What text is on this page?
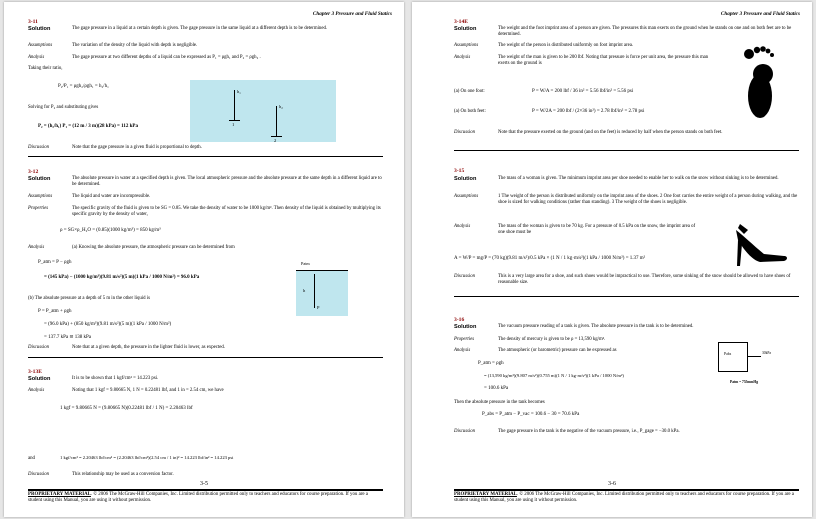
Chapter 3 Pressure and Fluid Statics
3-11
Solution	The gage pressure in a liquid at a certain depth is given. The gage pressure in the same liquid at a different depth is to be determined.
Assumptions	The variation of the density of the liquid with depth is negligible.
Analysis	The gage pressure at two different depths of a liquid can be expressed as P₁ = ρgh₁ and P₂ = ρgh₂ .
Taking their ratio,
P₂/P₁ = ρgh₂/ρgh₁ = h₂/h₁
Solving for P₂ and substituting gives
P₂ = (h₂/h₁) P₁ = (12 m / 3 m)(28 kPa) = 112 kPa
h₁
h₂
1
2
Discussion	Note that the gage pressure in a given fluid is proportional to depth.
3-12
Solution	The absolute pressure in water at a specified depth is given. The local atmospheric pressure and the absolute pressure at the same depth in a different liquid are to be determined.
Assumptions	The liquid and water are incompressible.
Properties	The specific gravity of the fluid is given to be SG = 0.85. We take the density of water to be 1000 kg/m³. Then density of the liquid is obtained by multiplying its specific gravity by the density of water,
ρ = SG×ρ_H₂O = (0.85)(1000 kg/m³) = 850 kg/m³
Analysis	(a) Knowing the absolute pressure, the atmospheric pressure can be determined from
P_atm = P − ρgh
= (145 kPa) − (1000 kg/m³)(9.81 m/s²)(5 m)(1 kPa / 1000 N/m²) = 96.0 kPa
(b) The absolute pressure at a depth of 5 m in the other liquid is
P = P_atm + ρgh
= (96.0 kPa) + (850 kg/m³)(9.81 m/s²)(5 m)(1 kPa / 1000 N/m²)
= 137.7 kPa ≅ 138 kPa
Patm
h
P
Discussion	Note that at a given depth, the pressure in the lighter fluid is lower, as expected.
3-13E
Solution	It is to be shown that 1 kgf/cm² = 14.223 psi.
Analysis	Noting that 1 kgf = 9.80665 N, 1 N = 0.22481 lbf, and 1 in = 2.54 cm, we have
1 kgf = 9.80665 N = (9.80665 N)(0.22481 lbf / 1 N) = 2.20463 lbf
and	1 kgf/cm² = 2.20463 lbf/cm² = (2.20463 lbf/cm²)(2.54 cm / 1 in)² = 14.223 lbf/in² = 14.223 psi
Discussion	This relationship may be used as a conversion factor.
3-5
PROPRIETARY MATERIAL. © 2006 The McGraw-Hill Companies, Inc. Limited distribution permitted only to teachers and educators for course preparation. If you are a student using this Manual, you are using it without permission.
Chapter 3 Pressure and Fluid Statics
3-14E
Solution	The weight and the foot imprint area of a person are given. The pressures this man exerts on the ground when he stands on one and on both feet are to be determined.
Assumptions	The weight of the person is distributed uniformly on foot imprint area.
Analysis	The weight of the man is given to be 200 lbf. Noting that pressure is force per unit area, the pressure this man exerts on the ground is
(a) On one foot:	P = W/A = 200 lbf / 36 in² = 5.56 lbf/in² = 5.56 psi
(a) On both feet:	P = W/2A = 200 lbf / (2×36 in²) = 2.78 lbf/in² = 2.78 psi
Discussion	Note that the pressure exerted on the ground (and on the feet) is reduced by half when the person stands on both feet.
3-15
Solution	The mass of a woman is given. The minimum imprint area per shoe needed to enable her to walk on the snow without sinking is to be determined.
Assumptions	1 The weight of the person is distributed uniformly on the imprint area of the shoes. 2 One foot carries the entire weight of a person during walking, and the shoe is sized for walking conditions (rather than standing). 3 The weight of the shoes is negligible.
Analysis	The mass of the woman is given to be 70 kg. For a pressure of 0.5 kPa on the snow, the imprint area of one shoe must be
A = W/P = mg/P = (70 kg)(9.81 m/s²)/0.5 kPa × (1 N / 1 kg·m/s²)(1 kPa / 1000 N/m²) = 1.37 m²
Discussion	This is a very large area for a shoe, and such shoes would be impractical to use. Therefore, some sinking of the snow should be allowed to have shoes of reasonable size.
3-16
Solution	The vacuum pressure reading of a tank is given. The absolute pressure in the tank is to be determined.
Properties	The density of mercury is given to be ρ = 13,590 kg/m³.
Analysis	The atmospheric (or barometric) pressure can be expressed as
P_atm = ρgh
= (13,590 kg/m³)(9.807 m/s²)(0.755 m)(1 N / 1 kg·m/s²)(1 kPa / 1000 N/m²)
= 100.6 kPa
Then the absolute pressure in the tank becomes
P_abs = P_atm − P_vac = 100.6 − 30 = 70.6 kPa
Pabs	30kPa
Patm = 755mmHg
Discussion	The gage pressure in the tank is the negative of the vacuum pressure, i.e., P_gage = −30.0 kPa.
3-6
PROPRIETARY MATERIAL. © 2006 The McGraw-Hill Companies, Inc. Limited distribution permitted only to teachers and educators for course preparation. If you are a student using this Manual, you are using it without permission.
